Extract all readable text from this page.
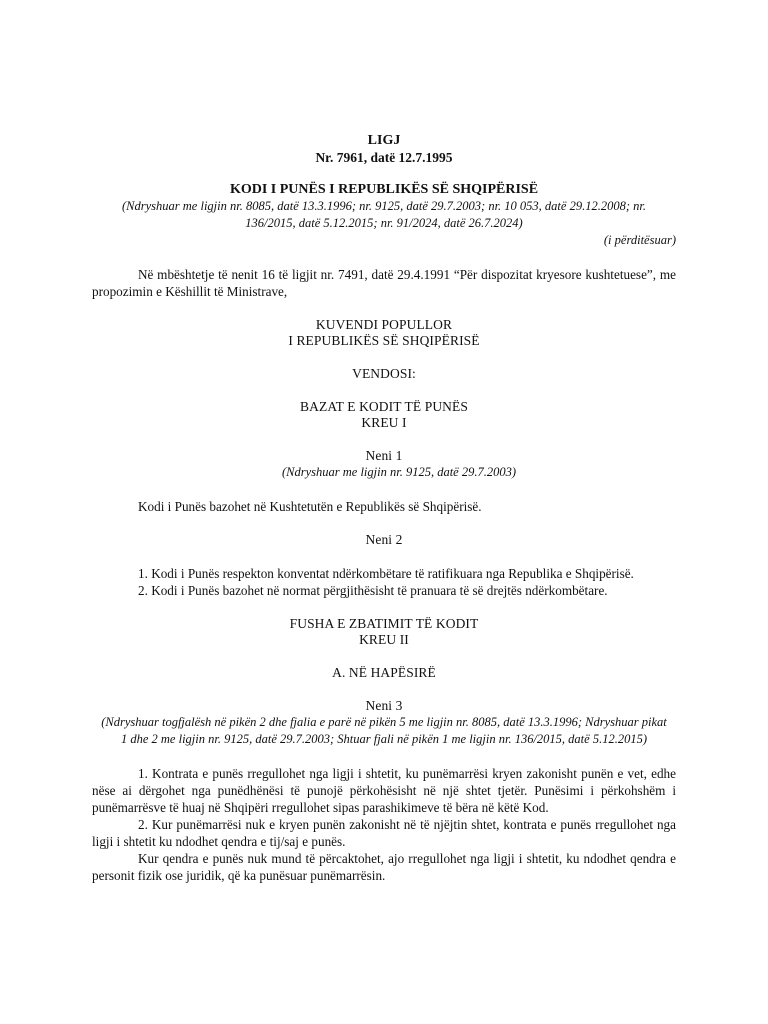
LIGJ

Nr. 7961, datë 12.7.1995

KODI I PUNËS I REPUBLIKËS SË SHQIPËRISË

(Ndryshuar me ligjin nr. 8085, datë 13.3.1996; nr. 9125, datë 29.7.2003; nr. 10 053, datë 29.12.2008; nr. 136/2015, datë 5.12.2015; nr. 91/2024, datë 26.7.2024)

(i përditësuar)

Në mbështetje të nenit 16 të ligjit nr. 7491, datë 29.4.1991 “Për dispozitat kryesore kushtetuese”, me propozimin e Këshillit të Ministrave,

KUVENDI POPULLOR

I REPUBLIKËS SË SHQIPËRISË

VENDOSI:

BAZAT E KODIT TË PUNËS

KREU I

Neni 1

(Ndryshuar me ligjin nr. 9125, datë 29.7.2003)

Kodi i Punës bazohet në Kushtetutën e Republikës së Shqipërisë.

Neni 2

1. Kodi i Punës respekton konventat ndërkombëtare të ratifikuara nga Republika e Shqipërisë.

2. Kodi i Punës bazohet në normat përgjithësisht të pranuara të së drejtës ndërkombëtare.

FUSHA E ZBATIMIT TË KODIT

KREU II

A. NË HAPËSIRË

Neni 3

(Ndryshuar togfjalësh në pikën 2 dhe fjalia e parë në pikën 5 me ligjin nr. 8085, datë 13.3.1996; Ndryshuar pikat 1 dhe 2 me ligjin nr. 9125, datë 29.7.2003; Shtuar fjali në pikën 1 me ligjin nr. 136/2015, datë 5.12.2015)

1. Kontrata e punës rregullohet nga ligji i shtetit, ku punëmarrësi kryen zakonisht punën e vet, edhe nëse ai dërgohet nga punëdhënësi të punojë përkohësisht në një shtet tjetër. Punësimi i përkohshëm i punëmarrësve të huaj në Shqipëri rregullohet sipas parashikimeve të bëra në këtë Kod.

2. Kur punëmarrësi nuk e kryen punën zakonisht në të njëjtin shtet, kontrata e punës rregullohet nga ligji i shtetit ku ndodhet qendra e tij/saj e punës.

Kur qendra e punës nuk mund të përcaktohet, ajo rregullohet nga ligji i shtetit, ku ndodhet qendra e personit fizik ose juridik, që ka punësuar punëmarrësin.
